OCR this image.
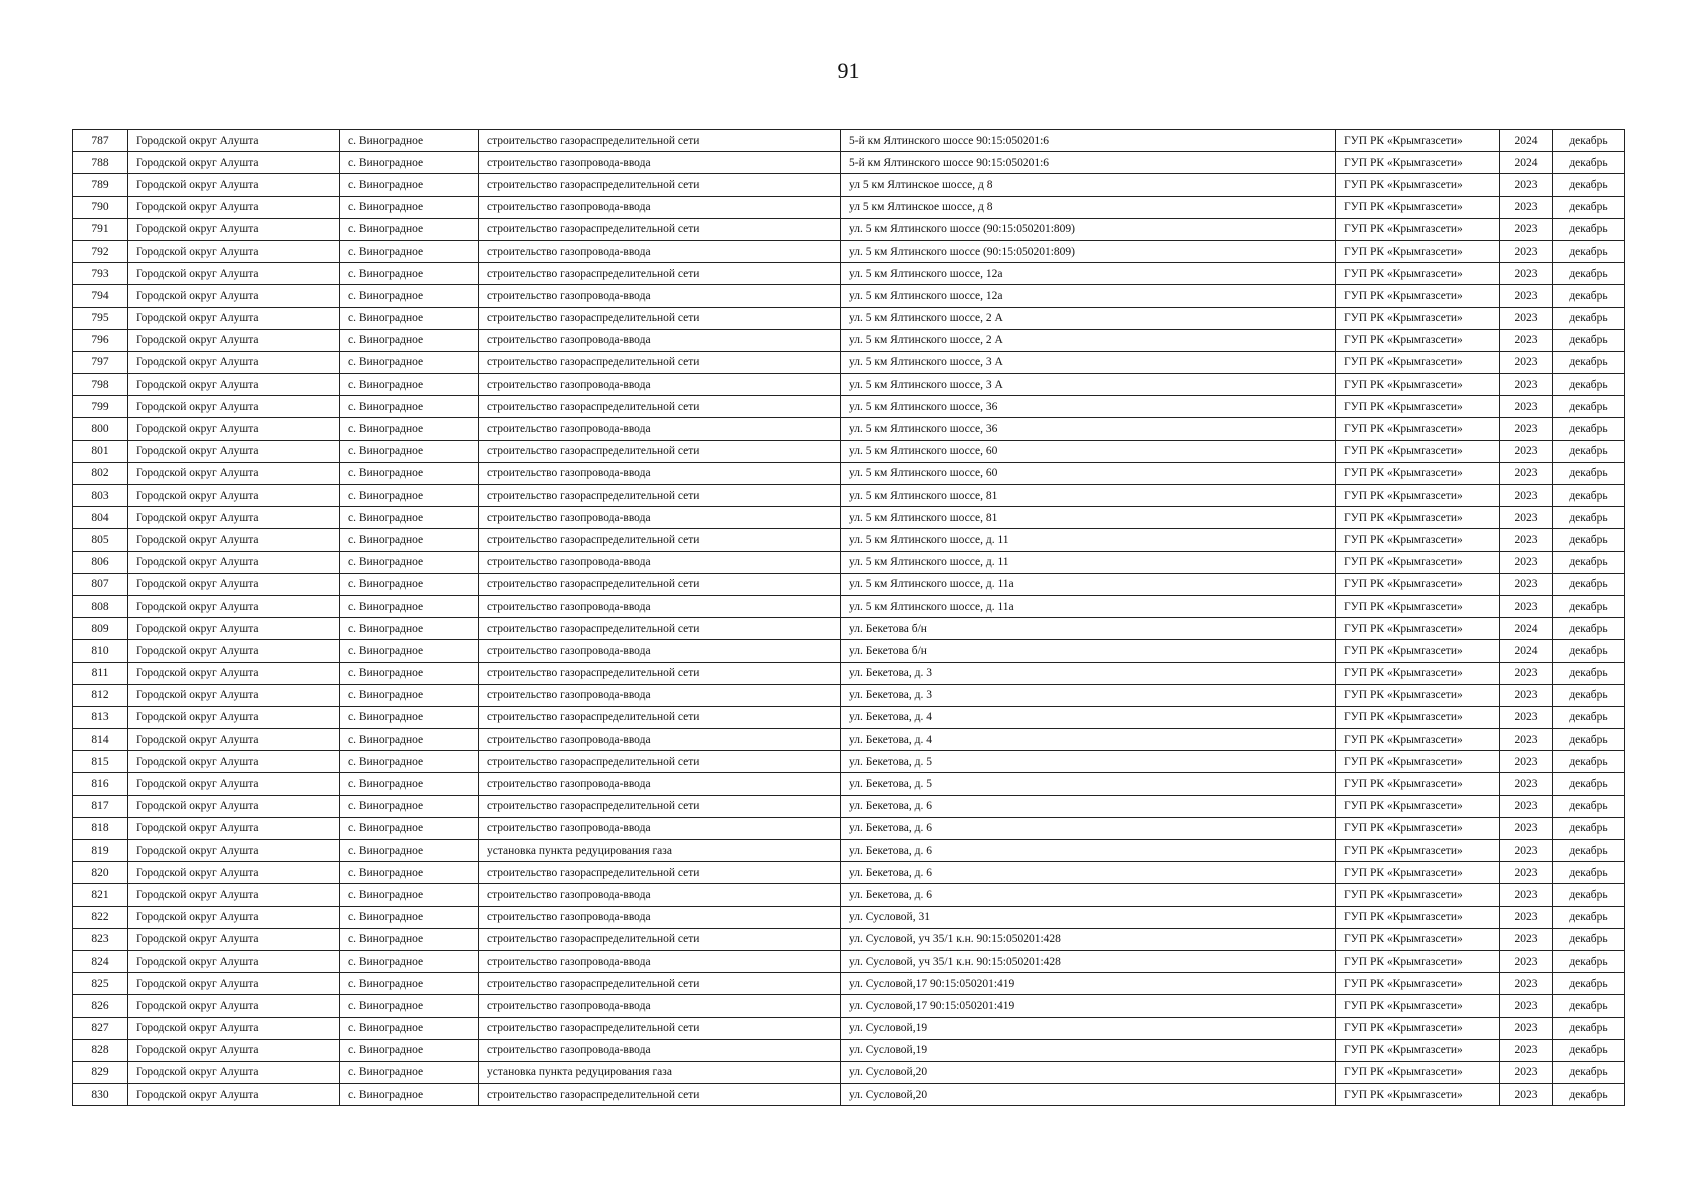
91
787	Городской округ Алушта	с. Виноградное	строительство газораспределительной сети	5-й км Ялтинского шоссе 90:15:050201:6	ГУП РК «Крымгазсети»	2024	декабрь
788	Городской округ Алушта	с. Виноградное	строительство газопровода-ввода	5-й км Ялтинского шоссе 90:15:050201:6	ГУП РК «Крымгазсети»	2024	декабрь
789	Городской округ Алушта	с. Виноградное	строительство газораспределительной сети	ул 5 км Ялтинское шоссе, д 8	ГУП РК «Крымгазсети»	2023	декабрь
790	Городской округ Алушта	с. Виноградное	строительство газопровода-ввода	ул 5 км Ялтинское шоссе, д 8	ГУП РК «Крымгазсети»	2023	декабрь
791	Городской округ Алушта	с. Виноградное	строительство газораспределительной сети	ул. 5 км Ялтинского шоссе (90:15:050201:809)	ГУП РК «Крымгазсети»	2023	декабрь
792	Городской округ Алушта	с. Виноградное	строительство газопровода-ввода	ул. 5 км Ялтинского шоссе (90:15:050201:809)	ГУП РК «Крымгазсети»	2023	декабрь
793	Городской округ Алушта	с. Виноградное	строительство газораспределительной сети	ул. 5 км Ялтинского шоссе, 12а	ГУП РК «Крымгазсети»	2023	декабрь
794	Городской округ Алушта	с. Виноградное	строительство газопровода-ввода	ул. 5 км Ялтинского шоссе, 12а	ГУП РК «Крымгазсети»	2023	декабрь
795	Городской округ Алушта	с. Виноградное	строительство газораспределительной сети	ул. 5 км Ялтинского шоссе, 2 А	ГУП РК «Крымгазсети»	2023	декабрь
796	Городской округ Алушта	с. Виноградное	строительство газопровода-ввода	ул. 5 км Ялтинского шоссе, 2 А	ГУП РК «Крымгазсети»	2023	декабрь
797	Городской округ Алушта	с. Виноградное	строительство газораспределительной сети	ул. 5 км Ялтинского шоссе, 3 А	ГУП РК «Крымгазсети»	2023	декабрь
798	Городской округ Алушта	с. Виноградное	строительство газопровода-ввода	ул. 5 км Ялтинского шоссе, 3 А	ГУП РК «Крымгазсети»	2023	декабрь
799	Городской округ Алушта	с. Виноградное	строительство газораспределительной сети	ул. 5 км Ялтинского шоссе, 36	ГУП РК «Крымгазсети»	2023	декабрь
800	Городской округ Алушта	с. Виноградное	строительство газопровода-ввода	ул. 5 км Ялтинского шоссе, 36	ГУП РК «Крымгазсети»	2023	декабрь
801	Городской округ Алушта	с. Виноградное	строительство газораспределительной сети	ул. 5 км Ялтинского шоссе, 60	ГУП РК «Крымгазсети»	2023	декабрь
802	Городской округ Алушта	с. Виноградное	строительство газопровода-ввода	ул. 5 км Ялтинского шоссе, 60	ГУП РК «Крымгазсети»	2023	декабрь
803	Городской округ Алушта	с. Виноградное	строительство газораспределительной сети	ул. 5 км Ялтинского шоссе, 81	ГУП РК «Крымгазсети»	2023	декабрь
804	Городской округ Алушта	с. Виноградное	строительство газопровода-ввода	ул. 5 км Ялтинского шоссе, 81	ГУП РК «Крымгазсети»	2023	декабрь
805	Городской округ Алушта	с. Виноградное	строительство газораспределительной сети	ул. 5 км Ялтинского шоссе, д. 11	ГУП РК «Крымгазсети»	2023	декабрь
806	Городской округ Алушта	с. Виноградное	строительство газопровода-ввода	ул. 5 км Ялтинского шоссе, д. 11	ГУП РК «Крымгазсети»	2023	декабрь
807	Городской округ Алушта	с. Виноградное	строительство газораспределительной сети	ул. 5 км Ялтинского шоссе, д. 11а	ГУП РК «Крымгазсети»	2023	декабрь
808	Городской округ Алушта	с. Виноградное	строительство газопровода-ввода	ул. 5 км Ялтинского шоссе, д. 11а	ГУП РК «Крымгазсети»	2023	декабрь
809	Городской округ Алушта	с. Виноградное	строительство газораспределительной сети	ул. Бекетова б/н	ГУП РК «Крымгазсети»	2024	декабрь
810	Городской округ Алушта	с. Виноградное	строительство газопровода-ввода	ул. Бекетова б/н	ГУП РК «Крымгазсети»	2024	декабрь
811	Городской округ Алушта	с. Виноградное	строительство газораспределительной сети	ул. Бекетова, д. 3	ГУП РК «Крымгазсети»	2023	декабрь
812	Городской округ Алушта	с. Виноградное	строительство газопровода-ввода	ул. Бекетова, д. 3	ГУП РК «Крымгазсети»	2023	декабрь
813	Городской округ Алушта	с. Виноградное	строительство газораспределительной сети	ул. Бекетова, д. 4	ГУП РК «Крымгазсети»	2023	декабрь
814	Городской округ Алушта	с. Виноградное	строительство газопровода-ввода	ул. Бекетова, д. 4	ГУП РК «Крымгазсети»	2023	декабрь
815	Городской округ Алушта	с. Виноградное	строительство газораспределительной сети	ул. Бекетова, д. 5	ГУП РК «Крымгазсети»	2023	декабрь
816	Городской округ Алушта	с. Виноградное	строительство газопровода-ввода	ул. Бекетова, д. 5	ГУП РК «Крымгазсети»	2023	декабрь
817	Городской округ Алушта	с. Виноградное	строительство газораспределительной сети	ул. Бекетова, д. 6	ГУП РК «Крымгазсети»	2023	декабрь
818	Городской округ Алушта	с. Виноградное	строительство газопровода-ввода	ул. Бекетова, д. 6	ГУП РК «Крымгазсети»	2023	декабрь
819	Городской округ Алушта	с. Виноградное	установка пункта редуцирования газа	ул. Бекетова, д. 6	ГУП РК «Крымгазсети»	2023	декабрь
820	Городской округ Алушта	с. Виноградное	строительство газораспределительной сети	ул. Бекетова, д. 6	ГУП РК «Крымгазсети»	2023	декабрь
821	Городской округ Алушта	с. Виноградное	строительство газопровода-ввода	ул. Бекетова, д. 6	ГУП РК «Крымгазсети»	2023	декабрь
822	Городской округ Алушта	с. Виноградное	строительство газопровода-ввода	ул. Сусловой, 31	ГУП РК «Крымгазсети»	2023	декабрь
823	Городской округ Алушта	с. Виноградное	строительство газораспределительной сети	ул. Сусловой, уч 35/1 к.н. 90:15:050201:428	ГУП РК «Крымгазсети»	2023	декабрь
824	Городской округ Алушта	с. Виноградное	строительство газопровода-ввода	ул. Сусловой, уч 35/1 к.н. 90:15:050201:428	ГУП РК «Крымгазсети»	2023	декабрь
825	Городской округ Алушта	с. Виноградное	строительство газораспределительной сети	ул. Сусловой,17 90:15:050201:419	ГУП РК «Крымгазсети»	2023	декабрь
826	Городской округ Алушта	с. Виноградное	строительство газопровода-ввода	ул. Сусловой,17 90:15:050201:419	ГУП РК «Крымгазсети»	2023	декабрь
827	Городской округ Алушта	с. Виноградное	строительство газораспределительной сети	ул. Сусловой,19	ГУП РК «Крымгазсети»	2023	декабрь
828	Городской округ Алушта	с. Виноградное	строительство газопровода-ввода	ул. Сусловой,19	ГУП РК «Крымгазсети»	2023	декабрь
829	Городской округ Алушта	с. Виноградное	установка пункта редуцирования газа	ул. Сусловой,20	ГУП РК «Крымгазсети»	2023	декабрь
830	Городской округ Алушта	с. Виноградное	строительство газораспределительной сети	ул. Сусловой,20	ГУП РК «Крымгазсети»	2023	декабрь
